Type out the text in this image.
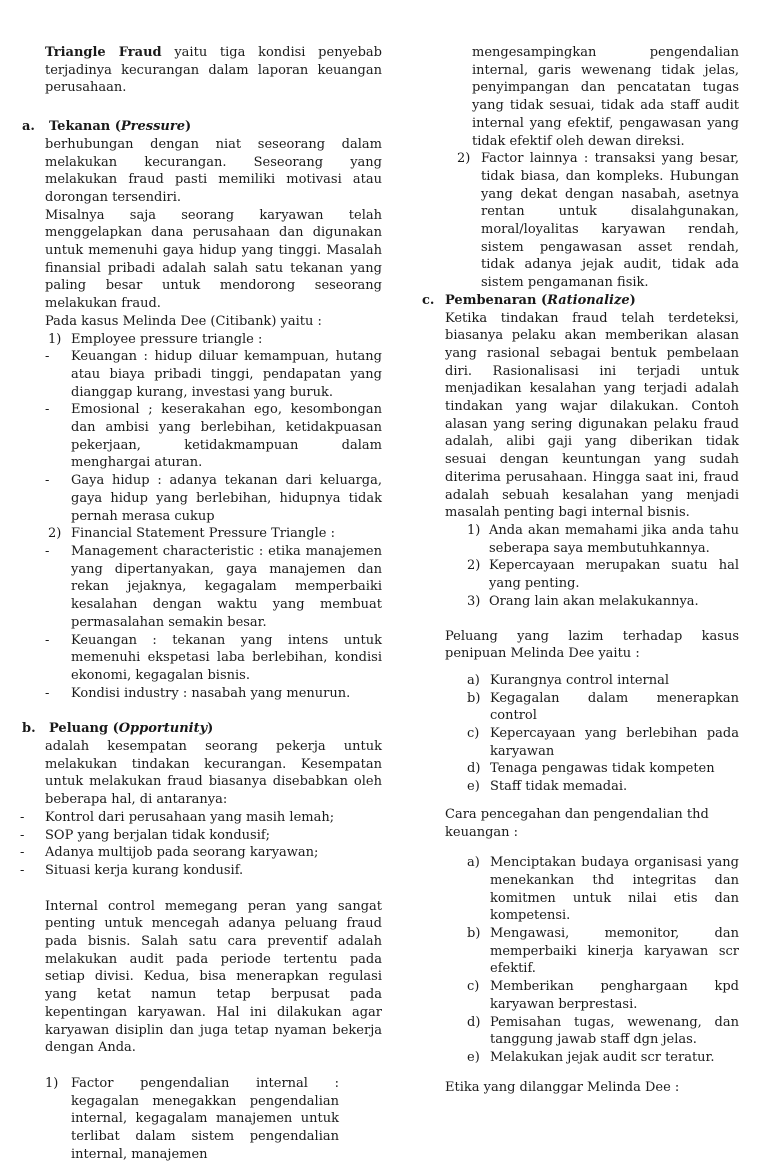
Triangle Fraud yaitu tiga kondisi penyebab terjadinya kecurangan dalam laporan keuangan perusahaan.

a.	Tekanan (Pressure)

berhubungan dengan niat seseorang dalam melakukan kecurangan. Seseorang yang melakukan fraud pasti memiliki motivasi atau dorongan tersendiri.

Misalnya saja seorang karyawan telah menggelapkan dana perusahaan dan digunakan untuk memenuhi gaya hidup yang tinggi. Masalah finansial pribadi adalah salah satu tekanan yang paling besar untuk mendorong seseorang melakukan fraud.

Pada kasus Melinda Dee (Citibank) yaitu :

1) Employee pressure triangle :
-	Keuangan : hidup diluar kemampuan, hutang atau biaya pribadi tinggi, pendapatan yang dianggap kurang, investasi yang buruk.
-	Emosional ; keserakahan ego, kesombongan dan ambisi yang berlebihan, ketidakpuasan pekerjaan, ketidakmampuan dalam menghargai aturan.
-	Gaya hidup : adanya tekanan dari keluarga, gaya hidup yang berlebihan, hidupnya tidak pernah merasa cukup
2) Financial Statement Pressure Triangle :
-	Management characteristic : etika manajemen yang dipertanyakan, gaya manajemen dan rekan jejaknya, kegagalam memperbaiki kesalahan dengan waktu yang membuat permasalahan semakin besar.
-	Keuangan : tekanan yang intens untuk memenuhi ekspetasi laba berlebihan, kondisi ekonomi, kegagalan bisnis.
-	Kondisi industry : nasabah yang menurun.
b.	Peluang (Opportunity)

adalah kesempatan seorang pekerja untuk melakukan tindakan kecurangan. Kesempatan untuk melakukan fraud biasanya disebabkan oleh beberapa hal, di antaranya:

-	Kontrol dari perusahaan yang masih lemah;
-	SOP yang berjalan tidak kondusif;
-	Adanya multijob pada seorang karyawan;
-	Situasi kerja kurang kondusif.

Internal control memegang peran yang sangat penting untuk mencegah adanya peluang fraud pada bisnis. Salah satu cara preventif adalah melakukan audit pada periode tertentu pada setiap divisi. Kedua, bisa menerapkan regulasi yang ketat namun tetap berpusat pada kepentingan karyawan. Hal ini dilakukan agar karyawan disiplin dan juga tetap nyaman bekerja dengan Anda.

1) Factor pengendalian internal : kegagalan menegakkan pengendalian internal, kegagalam manajemen untuk terlibat dalam sistem pengendalian internal, manajemen

mengesampingkan pengendalian internal, garis wewenang tidak jelas, penyimpangan dan pencatatan tugas yang tidak sesuai, tidak ada staff audit internal yang efektif, pengawasan yang tidak efektif oleh dewan direksi.

2) Factor lainnya : transaksi yang besar, tidak biasa, dan kompleks. Hubungan yang dekat dengan nasabah, asetnya rentan untuk disalahgunakan, moral/loyalitas karyawan rendah, sistem pengawasan asset rendah, tidak adanya jejak audit, tidak ada sistem pengamanan fisik.
c. Pembenaran (Rationalize)

Ketika tindakan fraud telah terdeteksi, biasanya pelaku akan memberikan alasan yang rasional sebagai bentuk pembelaan diri. Rasionalisasi ini terjadi untuk menjadikan kesalahan yang terjadi adalah tindakan yang wajar dilakukan. Contoh alasan yang sering digunakan pelaku fraud adalah, alibi gaji yang diberikan tidak sesuai dengan keuntungan yang sudah diterima perusahaan. Hingga saat ini, fraud adalah sebuah kesalahan yang menjadi masalah penting bagi internal bisnis.

1) Anda akan memahami jika anda tahu seberapa saya membutuhkannya.
2) Kepercayaan merupakan suatu hal yang penting.
3) Orang lain akan melakukannya.

Peluang yang lazim terhadap kasus penipuan Melinda Dee yaitu :

a) Kurangnya control internal
b) Kegagalan dalam menerapkan control
c) Kepercayaan yang berlebihan pada karyawan
d) Tenaga pengawas tidak kompeten
e) Staff tidak memadai.

Cara pencegahan dan pengendalian thd keuangan :

a) Menciptakan budaya organisasi yang menekankan thd integritas dan komitmen untuk nilai etis dan kompetensi.
b) Mengawasi, memonitor, dan memperbaiki kinerja karyawan scr efektif.
c) Memberikan penghargaan kpd karyawan berprestasi.
d) Pemisahan tugas, wewenang, dan tanggung jawab staff dgn jelas.
e) Melakukan jejak audit scr teratur.

Etika yang dilanggar Melinda Dee :
